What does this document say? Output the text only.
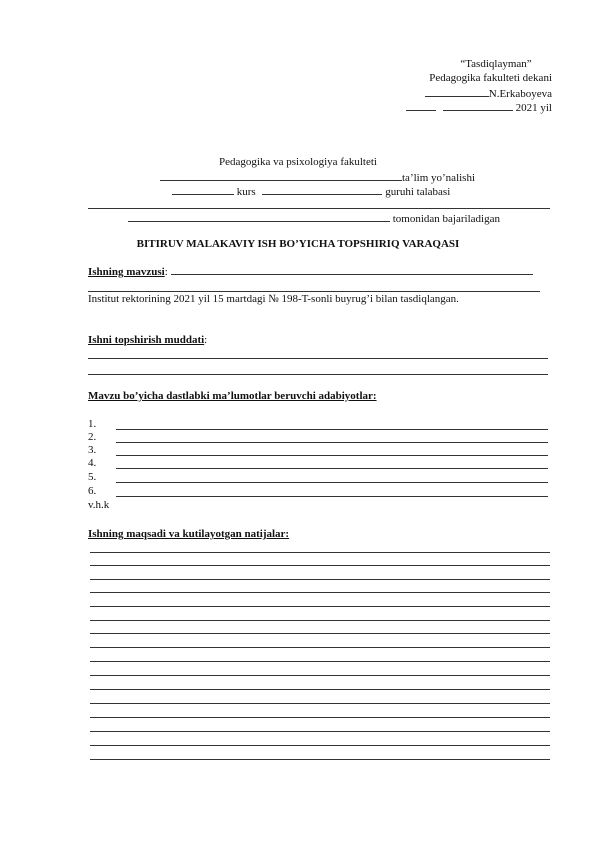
“Tasdiqlayman”
Pedagogika fakulteti dekani
N.Erkaboyeva
2021 yil
Pedagogika va psixologiya fakulteti
ta’lim yo’nalishi
kurs	guruhi talabasi
tomonidan bajariladigan
BITIRUV MALAKAVIY ISH BO’YICHA TOPSHIRIQ VARAQASI
Ishning mavzusi:
Institut rektorining 2021 yil 15 martdagi № 198-T-sonli buyrug’i bilan tasdiqlangan.
Ishni topshirish muddati:
Mavzu bo’yicha dastlabki ma’lumotlar beruvchi adabiyotlar:
1.
2.
3.
4.
5.
6.
v.h.k
Ishning maqsadi va kutilayotgan natijalar:
